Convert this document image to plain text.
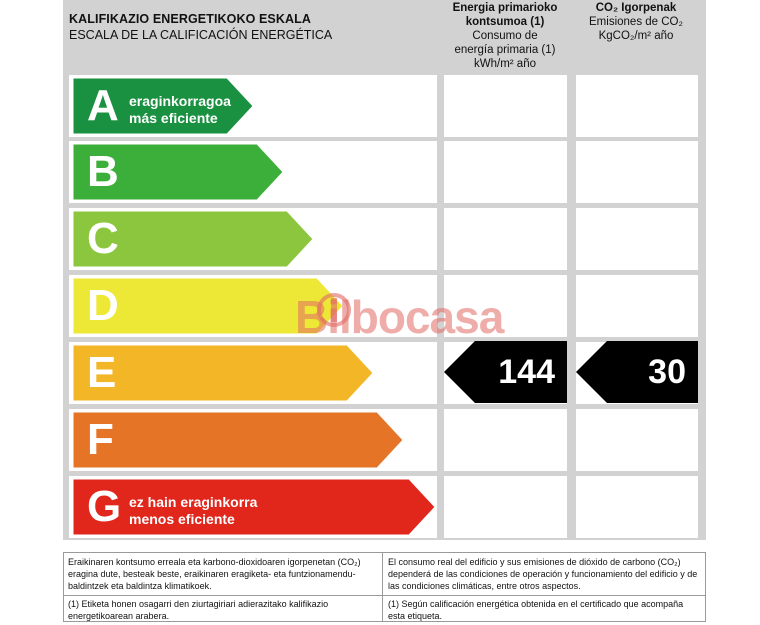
KALIFIKAZIO ENERGETIKOKO ESKALA
ESCALA DE LA CALIFICACIÓN ENERGÉTICA
Energia primarioko
kontsumoa (1)
Consumo de
energía primaria (1)
kWh/m² año
CO₂ Igorpenak
Emisiones de CO₂
KgCO₂/m² año
A eraginkorragoa
más eficiente
B
C
D
E
F
G ez hain eraginkorra
menos eficiente
144	30
Bilbocasa
Eraikinaren kontsumo erreala eta karbono-dioxidoaren igorpenetan (CO₂) eragina dute, besteak beste, eraikinaren eragiketa- eta funtzionamendu-baldintzek eta baldintza klimatikoek.
El consumo real del edificio y sus emisiones de dióxido de carbono (CO₂) dependerá de las condiciones de operación y funcionamiento del edificio y de las condiciones climáticas, entre otros aspectos.
(1) Etiketa honen osagarri den ziurtagiriari adierazitako kalifikazio energetikoarean arabera.
(1) Según calificación energética obtenida en el certificado que acompaña esta etiqueta.
